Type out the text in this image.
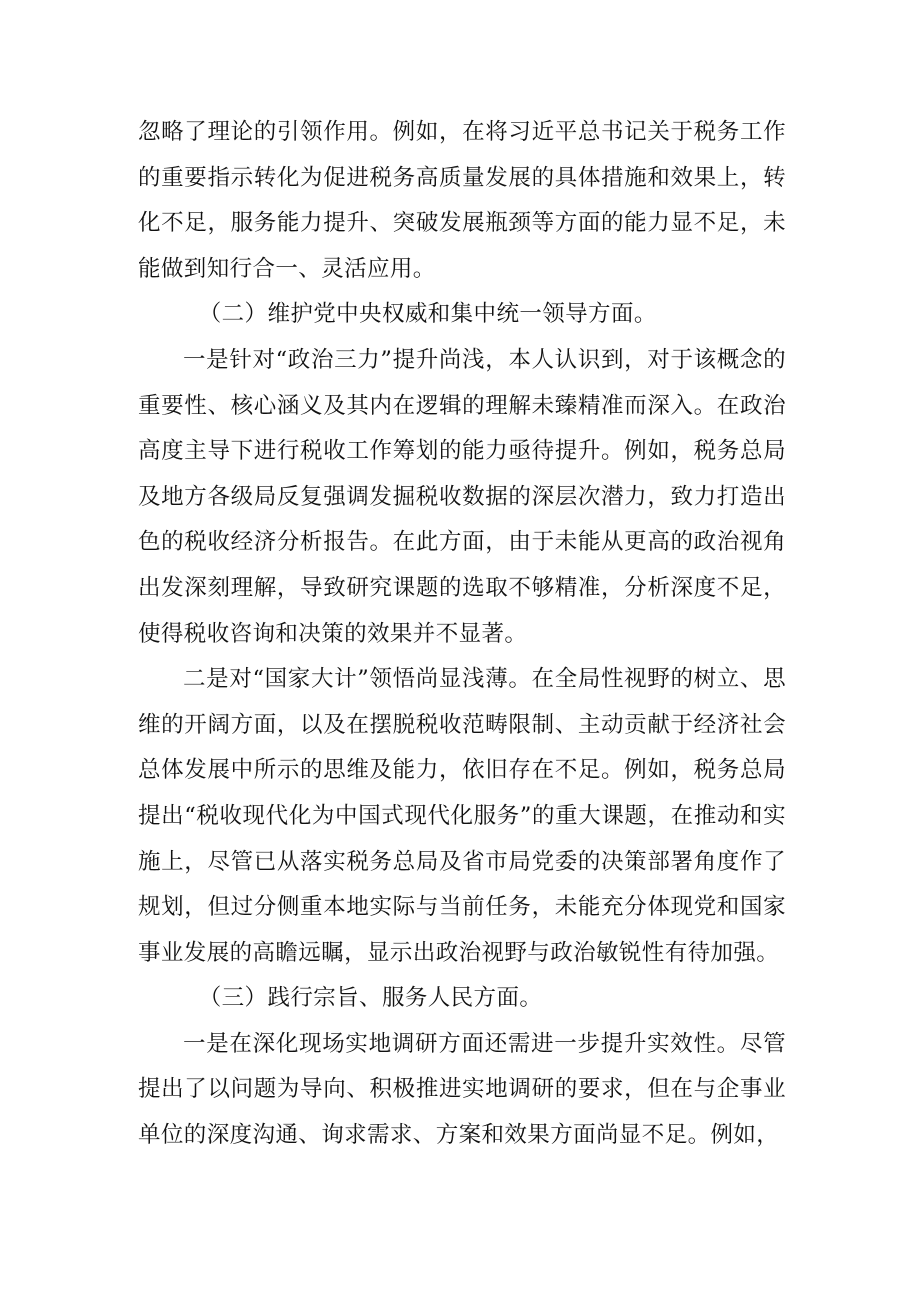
忽略了理论的引领作用。例如，在将习近平总书记关于税务工作的重要指示转化为促进税务高质量发展的具体措施和效果上，转化不足，服务能力提升、突破发展瓶颈等方面的能力显不足，未能做到知行合一、灵活应用。

（二）维护党中央权威和集中统一领导方面。

一是针对“政治三力”提升尚浅，本人认识到，对于该概念的重要性、核心涵义及其内在逻辑的理解未臻精准而深入。在政治高度主导下进行税收工作筹划的能力亟待提升。例如，税务总局及地方各级局反复强调发掘税收数据的深层次潜力，致力打造出色的税收经济分析报告。在此方面，由于未能从更高的政治视角出发深刻理解，导致研究课题的选取不够精准，分析深度不足，使得税收咨询和决策的效果并不显著。

二是对“国家大计”领悟尚显浅薄。在全局性视野的树立、思维的开阔方面，以及在摆脱税收范畴限制、主动贡献于经济社会总体发展中所示的思维及能力，依旧存在不足。例如，税务总局提出“税收现代化为中国式现代化服务”的重大课题，在推动和实施上，尽管已从落实税务总局及省市局党委的决策部署角度作了规划，但过分侧重本地实际与当前任务，未能充分体现党和国家事业发展的高瞻远瞩，显示出政治视野与政治敏锐性有待加强。

（三）践行宗旨、服务人民方面。

一是在深化现场实地调研方面还需进一步提升实效性。尽管提出了以问题为导向、积极推进实地调研的要求，但在与企事业单位的深度沟通、询求需求、方案和效果方面尚显不足。例如，
